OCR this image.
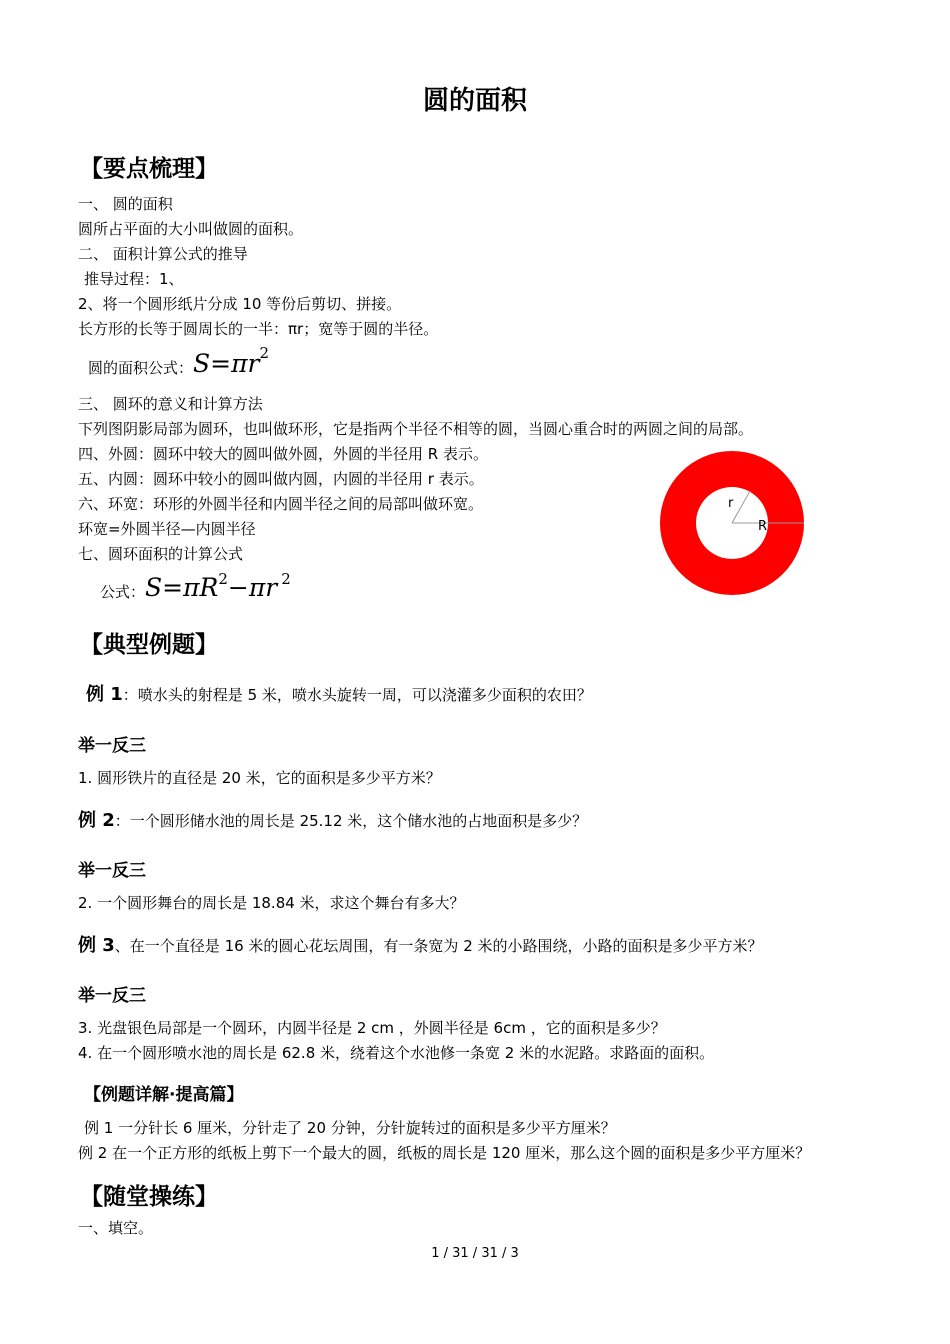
圆的面积
【要点梳理】
一、 圆的面积
圆所占平面的大小叫做圆的面积。
二、 面积计算公式的推导
推导过程：1、
2、将一个圆形纸片分成 10 等份后剪切、拼接。
长方形的长等于圆周长的一半：πr；宽等于圆的半径。
圆的面积公式： $S=\pi r^2$
三、 圆环的意义和计算方法
下列图阴影局部为圆环，也叫做环形，它是指两个半径不相等的圆，当圆心重合时的两圆之间的局部。
四、外圆：圆环中较大的圆叫做外圆，外圆的半径用 R 表示。
五、内圆：圆环中较小的圆叫做内圆，内圆的半径用 r 表示。
六、环宽：环形的外圆半径和内圆半径之间的局部叫做环宽。
环宽=外圆半径—内圆半径
七、圆环面积的计算公式
公式： $S=\pi R^2-\pi r$ $^2$
r
R
【典型例题】
例 1 ：喷水头的射程是 5 米，喷水头旋转一周，可以浇灌多少面积的农田？
举一反三
1. 圆形铁片的直径是 20 米，它的面积是多少平方米？
例 2 ：一个圆形储水池的周长是 25.12 米，这个储水池的占地面积是多少？
举一反三
2. 一个圆形舞台的周长是 18.84 米，求这个舞台有多大？
例 3 、在一个直径是 16 米的圆心花坛周围，有一条宽为 2 米的小路围绕，小路的面积是多少平方米？
举一反三
3. 光盘银色局部是一个圆环，内圆半径是 2 cm ，外圆半径是 6cm ，它的面积是多少？
4. 在一个圆形喷水池的周长是 62.8 米，绕着这个水池修一条宽 2 米的水泥路。求路面的面积。
【例题详解·提高篇】
例 1 一分针长 6 厘米，分针走了 20 分钟，分针旋转过的面积是多少平方厘米？
例 2 在一个正方形的纸板上剪下一个最大的圆，纸板的周长是 120 厘米，那么这个圆的面积是多少平方厘米？
【随堂操练】
一、填空。
1 / 31 / 31 / 3
